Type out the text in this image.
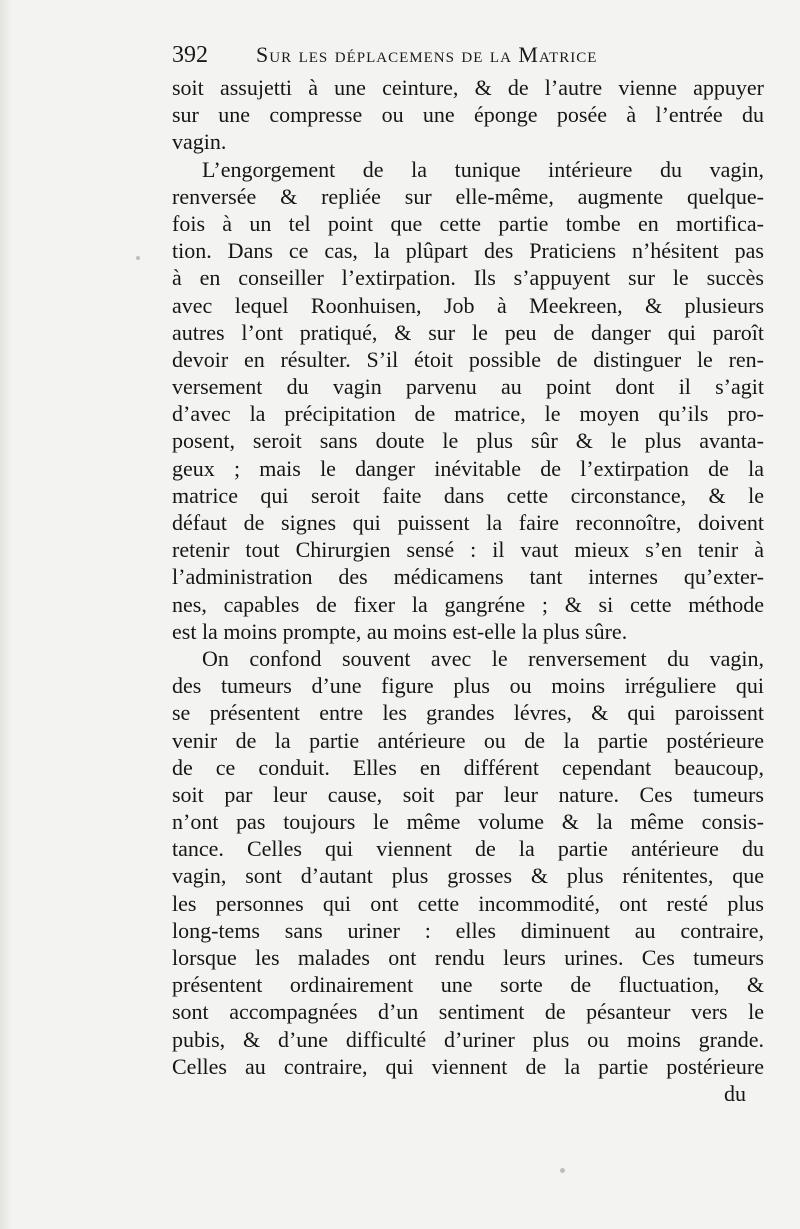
392 Sur les déplacemens de la Matrice
soit assujetti à une ceinture, & de l’autre vienne appuyer
sur une compresse ou une éponge posée à l’entrée du
vagin.
L’engorgement de la tunique intérieure du vagin,
renversée & repliée sur elle-même, augmente quelque-
fois à un tel point que cette partie tombe en mortifica-
tion. Dans ce cas, la plûpart des Praticiens n’hésitent pas
à en conseiller l’extirpation. Ils s’appuyent sur le succès
avec lequel Roonhuisen, Job à Meekreen, & plusieurs
autres l’ont pratiqué, & sur le peu de danger qui paroît
devoir en résulter. S’il étoit possible de distinguer le ren-
versement du vagin parvenu au point dont il s’agit
d’avec la précipitation de matrice, le moyen qu’ils pro-
posent, seroit sans doute le plus sûr & le plus avanta-
geux ; mais le danger inévitable de l’extirpation de la
matrice qui seroit faite dans cette circonstance, & le
défaut de signes qui puissent la faire reconnoître, doivent
retenir tout Chirurgien sensé : il vaut mieux s’en tenir à
l’administration des médicamens tant internes qu’exter-
nes, capables de fixer la gangréne ; & si cette méthode
est la moins prompte, au moins est-elle la plus sûre.
On confond souvent avec le renversement du vagin,
des tumeurs d’une figure plus ou moins irréguliere qui
se présentent entre les grandes lévres, & qui paroissent
venir de la partie antérieure ou de la partie postérieure
de ce conduit. Elles en différent cependant beaucoup,
soit par leur cause, soit par leur nature. Ces tumeurs
n’ont pas toujours le même volume & la même consis-
tance. Celles qui viennent de la partie antérieure du
vagin, sont d’autant plus grosses & plus rénitentes, que
les personnes qui ont cette incommodité, ont resté plus
long-tems sans uriner : elles diminuent au contraire,
lorsque les malades ont rendu leurs urines. Ces tumeurs
présentent ordinairement une sorte de fluctuation, &
sont accompagnées d’un sentiment de pésanteur vers le
pubis, & d’une difficulté d’uriner plus ou moins grande.
Celles au contraire, qui viennent de la partie postérieure
du
